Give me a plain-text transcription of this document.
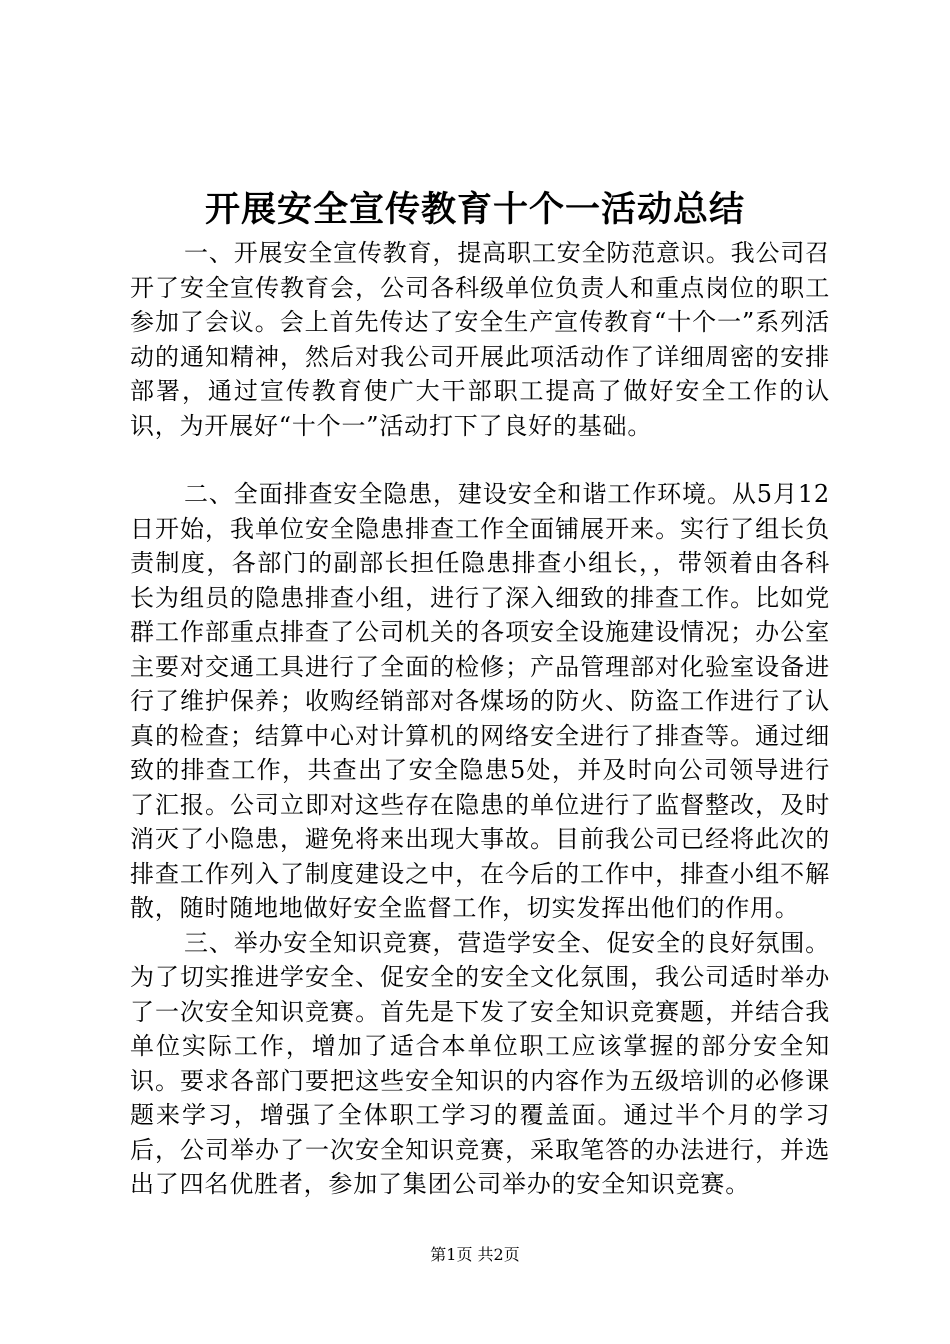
开展安全宣传教育十个一活动总结

一、开展安全宣传教育，提高职工安全防范意识。我公司召开了安全宣传教育会，公司各科级单位负责人和重点岗位的职工参加了会议。会上首先传达了安全生产宣传教育“十个一”系列活动的通知精神，然后对我公司开展此项活动作了详细周密的安排部署，通过宣传教育使广大干部职工提高了做好安全工作的认识，为开展好“十个一”活动打下了良好的基础。

二、全面排查安全隐患，建设安全和谐工作环境。从5月12日开始，我单位安全隐患排查工作全面铺展开来。实行了组长负责制度，各部门的副部长担任隐患排查小组长，，带领着由各科长为组员的隐患排查小组，进行了深入细致的排查工作。比如党群工作部重点排查了公司机关的各项安全设施建设情况；办公室主要对交通工具进行了全面的检修；产品管理部对化验室设备进行了维护保养；收购经销部对各煤场的防火、防盗工作进行了认真的检查；结算中心对计算机的网络安全进行了排查等。通过细致的排查工作，共查出了安全隐患5处，并及时向公司领导进行了汇报。公司立即对这些存在隐患的单位进行了监督整改，及时消灭了小隐患，避免将来出现大事故。目前我公司已经将此次的排查工作列入了制度建设之中，在今后的工作中，排查小组不解散，随时随地地做好安全监督工作，切实发挥出他们的作用。

三、举办安全知识竞赛，营造学安全、促安全的良好氛围。为了切实推进学安全、促安全的安全文化氛围，我公司适时举办了一次安全知识竞赛。首先是下发了安全知识竞赛题，并结合我单位实际工作，增加了适合本单位职工应该掌握的部分安全知识。要求各部门要把这些安全知识的内容作为五级培训的必修课题来学习，增强了全体职工学习的覆盖面。通过半个月的学习后，公司举办了一次安全知识竞赛，采取笔答的办法进行，并选出了四名优胜者，参加了集团公司举办的安全知识竞赛。

第1页 共2页
